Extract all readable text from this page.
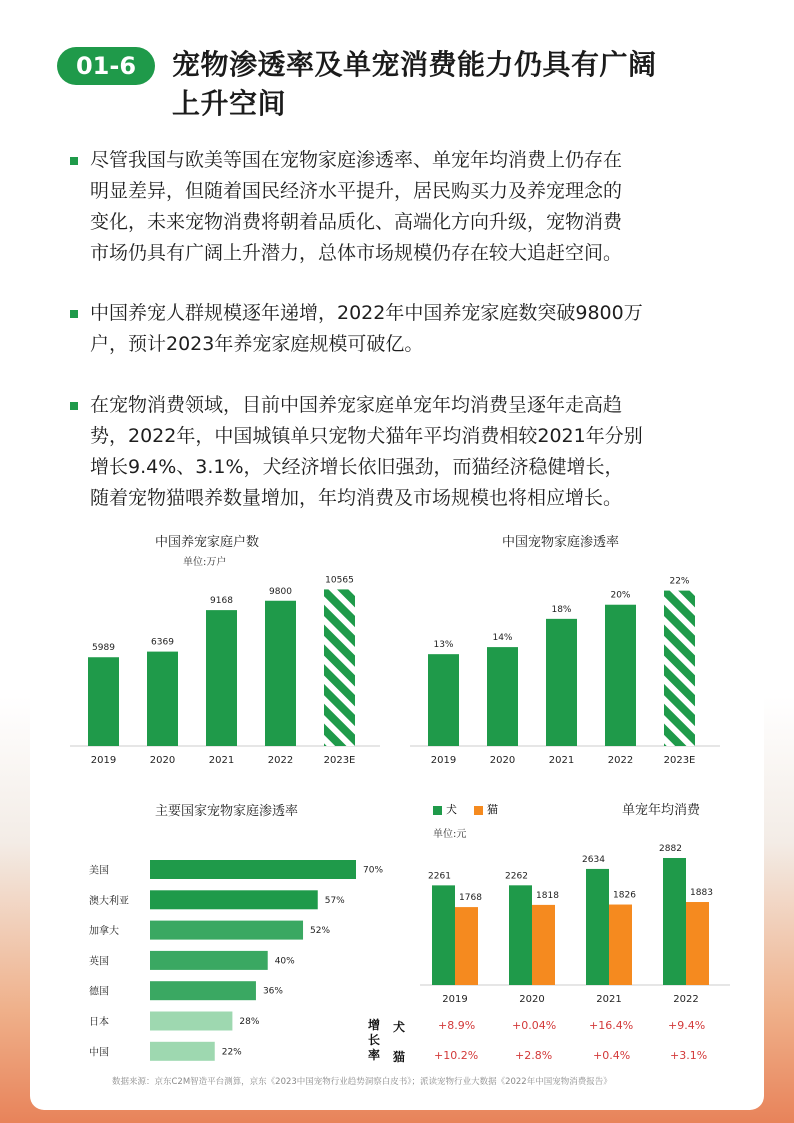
01-6	宠物渗透率及单宠消费能力仍具有广阔
上升空间
尽管我国与欧美等国在宠物家庭渗透率、单宠年均消费上仍存在
明显差异，但随着国民经济水平提升，居民购买力及养宠理念的
变化，未来宠物消费将朝着品质化、高端化方向升级，宠物消费
市场仍具有广阔上升潜力，总体市场规模仍存在较大追赶空间。
中国养宠人群规模逐年递增，2022年中国养宠家庭数突破9800万
户，预计2023年养宠家庭规模可破亿。
在宠物消费领域，目前中国养宠家庭单宠年均消费呈逐年走高趋
势，2022年，中国城镇单只宠物犬猫年平均消费相较2021年分别
增长9.4%、3.1%，犬经济增长依旧强劲，而猫经济稳健增长，
随着宠物猫喂养数量增加，年均消费及市场规模也将相应增长。
中国养宠家庭户数
单位:万户
5989
2019
6369
2020
9168
2021
9800
2022
10565
2023E
中国宠物家庭渗透率
13%
2019
14%
2020
18%
2021
20%
2022
22%
2023E
主要国家宠物家庭渗透率
美国	70%
澳大利亚	57%
加拿大	52%
英国	40%
德国	36%
日本	28%
中国	22%
犬	猫	单宠年均消费
单位:元
2261
1768
2019
2262
1818
2020
2634
1826
2021
2882
1883
2022
增长率
犬
猫
+8.9%	+0.04%	+16.4%	+9.4%
+10.2%	+2.8%	+0.4%	+3.1%
数据来源：京东C2M智造平台测算，京东《2023中国宠物行业趋势洞察白皮书》；派读宠物行业大数据《2022年中国宠物消费报告》
